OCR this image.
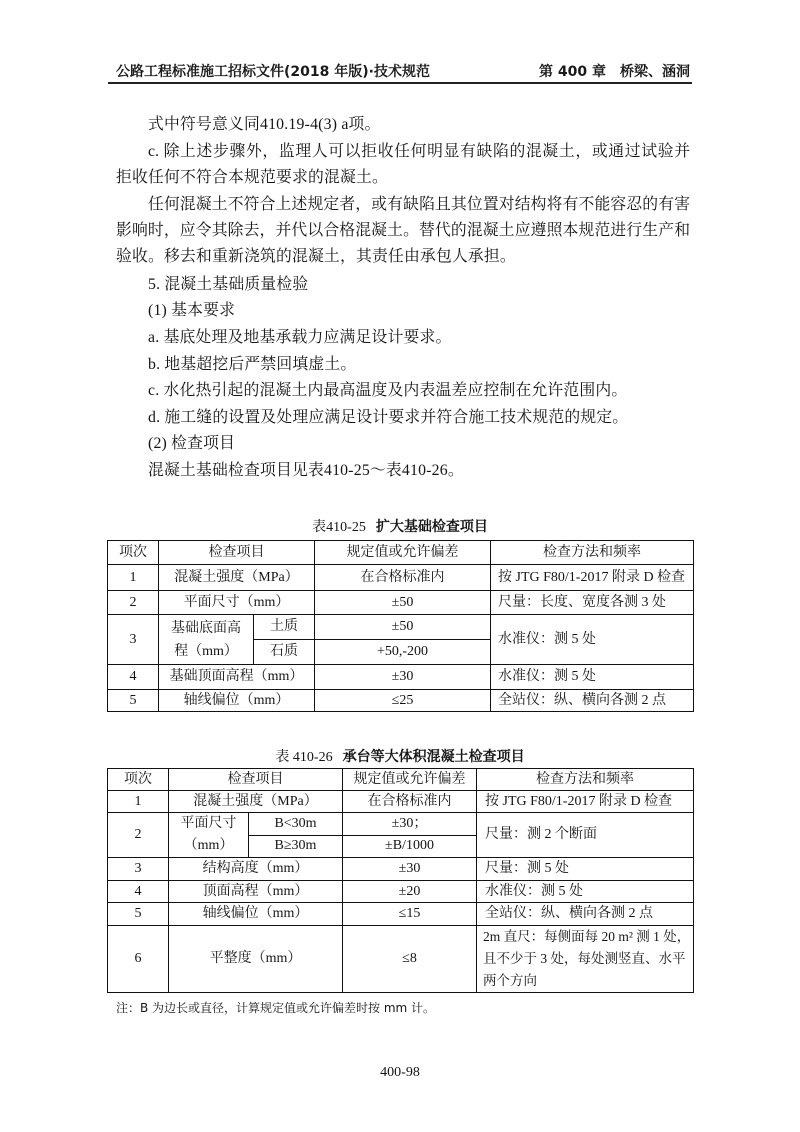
公路工程标准施工招标文件(2018 年版)·技术规范	第 400 章　桥梁、涵洞
式中符号意义同410.19-4(3) a项。
c. 除上述步骤外，监理人可以拒收任何明显有缺陷的混凝土，或通过试验并
拒收任何不符合本规范要求的混凝土。
任何混凝土不符合上述规定者，或有缺陷且其位置对结构将有不能容忍的有害
影响时，应令其除去，并代以合格混凝土。替代的混凝土应遵照本规范进行生产和
验收。移去和重新浇筑的混凝土，其责任由承包人承担。
5. 混凝土基础质量检验
(1) 基本要求
a. 基底处理及地基承载力应满足设计要求。
b. 地基超挖后严禁回填虚土。
c. 水化热引起的混凝土内最高温度及内表温差应控制在允许范围内。
d. 施工缝的设置及处理应满足设计要求并符合施工技术规范的规定。
(2) 检查项目
混凝土基础检查项目见表410-25～表410-26。
表410-25 扩大基础检查项目
项次	检查项目		规定值或允许偏差	检查方法和频率
1	混凝土强度（MPa）		在合格标准内	按 JTG F80/1-2017 附录 D 检查
2	平面尺寸（mm）		±50	尺量：长度、宽度各测 3 处
3	基础底面高
程（mm）	土质	±50	水准仪：测 5 处
		石质	+50,-200	
4	基础顶面高程（mm）		±30	水准仪：测 5 处
5	轴线偏位（mm）		≤25	全站仪：纵、横向各测 2 点
表 410-26 承台等大体积混凝土检查项目
项次	检查项目		规定值或允许偏差	检查方法和频率
1	混凝土强度（MPa）		在合格标准内	按 JTG F80/1-2017 附录 D 检查
2	平面尺寸
（mm）	B<30m	±30；	尺量：测 2 个断面
		B≥30m	±B/1000	
3	结构高度（mm）		±30	尺量：测 5 处
4	顶面高程（mm）		±20	水准仪：测 5 处
5	轴线偏位（mm）		≤15	全站仪：纵、横向各测 2 点
6	平整度（mm）		≤8	2m 直尺：每侧面每 20 m² 测 1 处，
且不少于 3 处，每处测竖直、水平
两个方向
注：B 为边长或直径，计算规定值或允许偏差时按 mm 计。
400-98
